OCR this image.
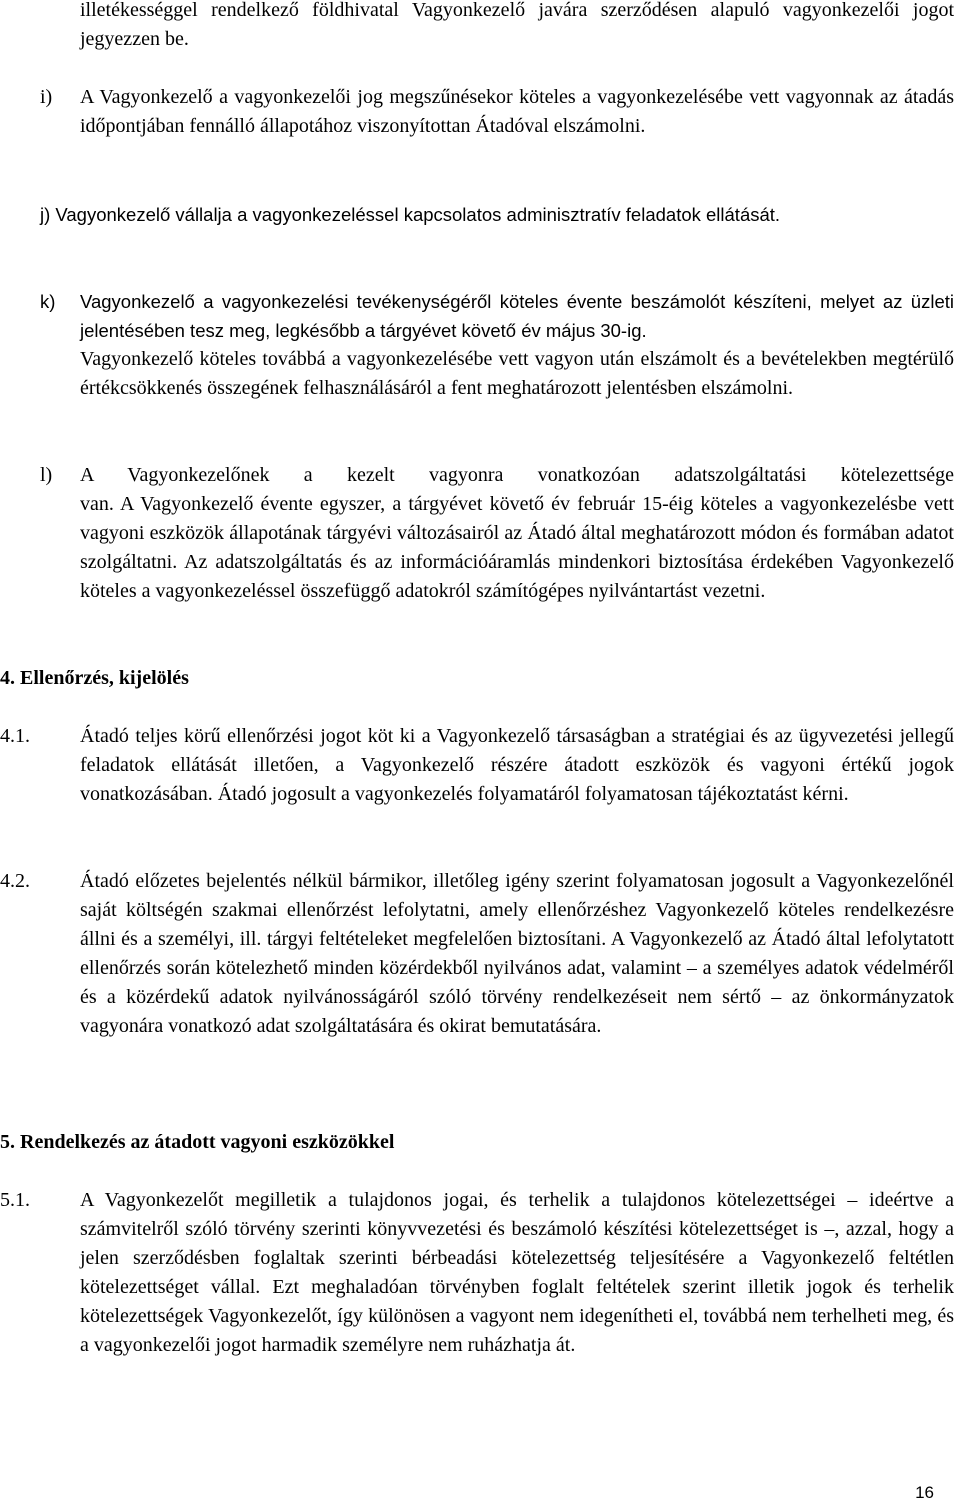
illetékességgel rendelkező földhivatal Vagyonkezelő javára szerződésen alapuló vagyonkezelői jogot jegyezzen be.

i) A Vagyonkezelő a vagyonkezelői jog megszűnésekor köteles a vagyonkezelésébe vett vagyonnak az átadás időpontjában fennálló állapotához viszonyítottan Átadóval elszámolni.

j) Vagyonkezelő vállalja a vagyonkezeléssel kapcsolatos adminisztratív feladatok ellátását.

k) Vagyonkezelő a vagyonkezelési tevékenységéről köteles évente beszámolót készíteni, melyet az üzleti jelentésében tesz meg, legkésőbb a tárgyévet követő év május 30-ig.

Vagyonkezelő köteles továbbá a vagyonkezelésébe vett vagyon után elszámolt és a bevételekben megtérülő értékcsökkenés összegének felhasználásáról a fent meghatározott jelentésben elszámolni.

l) A Vagyonkezelőnek a kezelt vagyonra vonatkozóan adatszolgáltatási kötelezettsége

van. A Vagyonkezelő évente egyszer, a tárgyévet követő év február 15-éig köteles a vagyonkezelésbe vett vagyoni eszközök állapotának tárgyévi változásairól az Átadó által meghatározott módon és formában adatot szolgáltatni. Az adatszolgáltatás és az információáramlás mindenkori biztosítása érdekében Vagyonkezelő köteles a vagyonkezeléssel összefüggő adatokról számítógépes nyilvántartást vezetni.

4. Ellenőrzés, kijelölés

4.1.	Átadó teljes körű ellenőrzési jogot köt ki a Vagyonkezelő társaságban a stratégiai és az ügyvezetési jellegű feladatok ellátását illetően, a Vagyonkezelő részére átadott eszközök és vagyoni értékű jogok vonatkozásában. Átadó jogosult a vagyonkezelés folyamatáról folyamatosan tájékoztatást kérni.

4.2.	Átadó előzetes bejelentés nélkül bármikor, illetőleg igény szerint folyamatosan jogosult a Vagyonkezelőnél saját költségén szakmai ellenőrzést lefolytatni, amely ellenőrzéshez Vagyonkezelő köteles rendelkezésre állni és a személyi, ill. tárgyi feltételeket megfelelően biztosítani. A Vagyonkezelő az Átadó által lefolytatott ellenőrzés során kötelezhető minden közérdekből nyilvános adat, valamint – a személyes adatok védelméről és a közérdekű adatok nyilvánosságáról szóló törvény rendelkezéseit nem sértő – az önkormányzatok vagyonára vonatkozó adat szolgáltatására és okirat bemutatására.

5. Rendelkezés az átadott vagyoni eszközökkel

5.1.	A Vagyonkezelőt megilletik a tulajdonos jogai, és terhelik a tulajdonos kötelezettségei – ideértve a számvitelről szóló törvény szerinti könyvvezetési és beszámoló készítési kötelezettséget is –, azzal, hogy a jelen szerződésben foglaltak szerinti bérbeadási kötelezettség teljesítésére a Vagyonkezelő feltétlen kötelezettséget vállal. Ezt meghaladóan törvényben foglalt feltételek szerint illetik jogok és terhelik kötelezettségek Vagyonkezelőt, így különösen a vagyont nem idegenítheti el, továbbá nem terhelheti meg, és a vagyonkezelői jogot harmadik személyre nem ruházhatja át.

16
